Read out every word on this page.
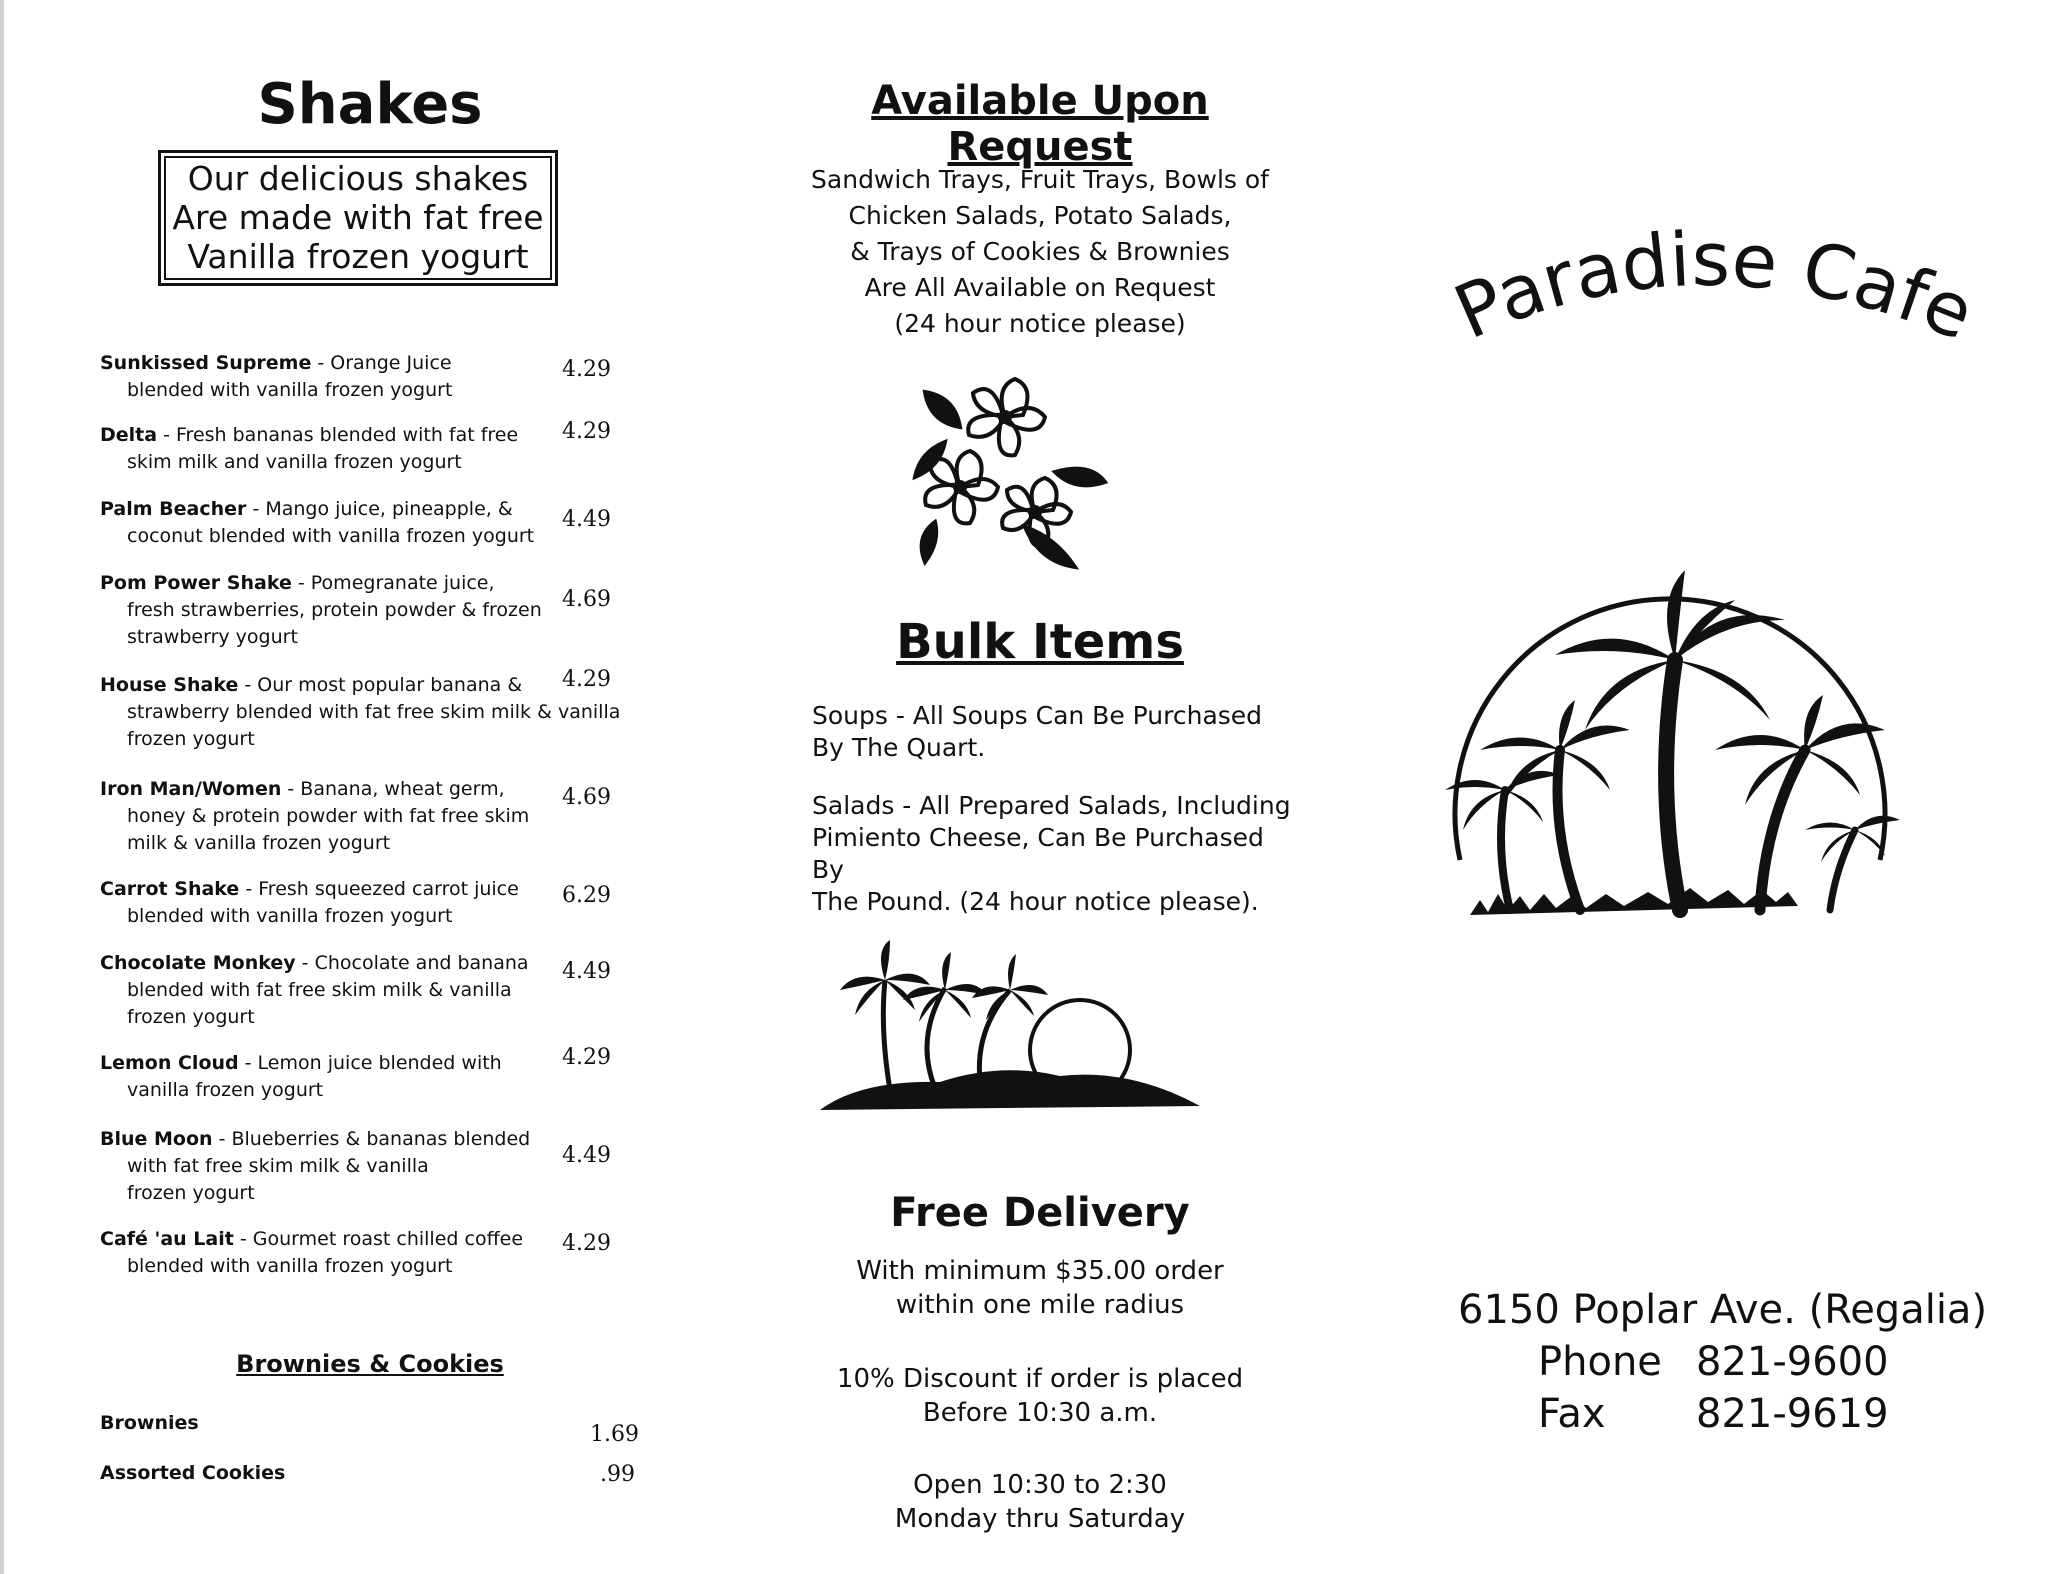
Shakes
Our delicious shakes
Are made with fat free
Vanilla frozen yogurt
Sunkissed Supreme - Orange Juice
blended with vanilla frozen yogurt
4.29
Delta - Fresh bananas blended with fat free
skim milk and vanilla frozen yogurt
4.29
Palm Beacher - Mango juice, pineapple, &
coconut blended with vanilla frozen yogurt
4.49
Pom Power Shake - Pomegranate juice,
fresh strawberries, protein powder & frozen
strawberry yogurt
4.69
House Shake - Our most popular banana &
strawberry blended with fat free skim milk & vanilla
frozen yogurt
4.29
Iron Man/Women - Banana, wheat germ,
honey & protein powder with fat free skim
milk & vanilla frozen yogurt
4.69
Carrot Shake - Fresh squeezed carrot juice
blended with vanilla frozen yogurt
6.29
Chocolate Monkey - Chocolate and banana
blended with fat free skim milk & vanilla
frozen yogurt
4.49
Lemon Cloud - Lemon juice blended with
vanilla frozen yogurt
4.29
Blue Moon - Blueberries & bananas blended
with fat free skim milk & vanilla
frozen yogurt
4.49
Café 'au Lait - Gourmet roast chilled coffee
blended with vanilla frozen yogurt
4.29
Brownies & Cookies
Brownies	1.69
Assorted Cookies	.99
Available Upon Request
Sandwich Trays, Fruit Trays, Bowls of
Chicken Salads, Potato Salads,
& Trays of Cookies & Brownies
Are All Available on Request
(24 hour notice please)
Bulk Items
Soups - All Soups Can Be Purchased
By The Quart.
Salads - All Prepared Salads, Including
Pimiento Cheese, Can Be Purchased By
The Pound. (24 hour notice please).
Free Delivery
With minimum $35.00 order
within one mile radius
10% Discount if order is placed
Before 10:30 a.m.
Open 10:30 to 2:30
Monday thru Saturday
Paradise Cafe
6150 Poplar Ave. (Regalia)
Phone 821-9600
Fax 821-9619
